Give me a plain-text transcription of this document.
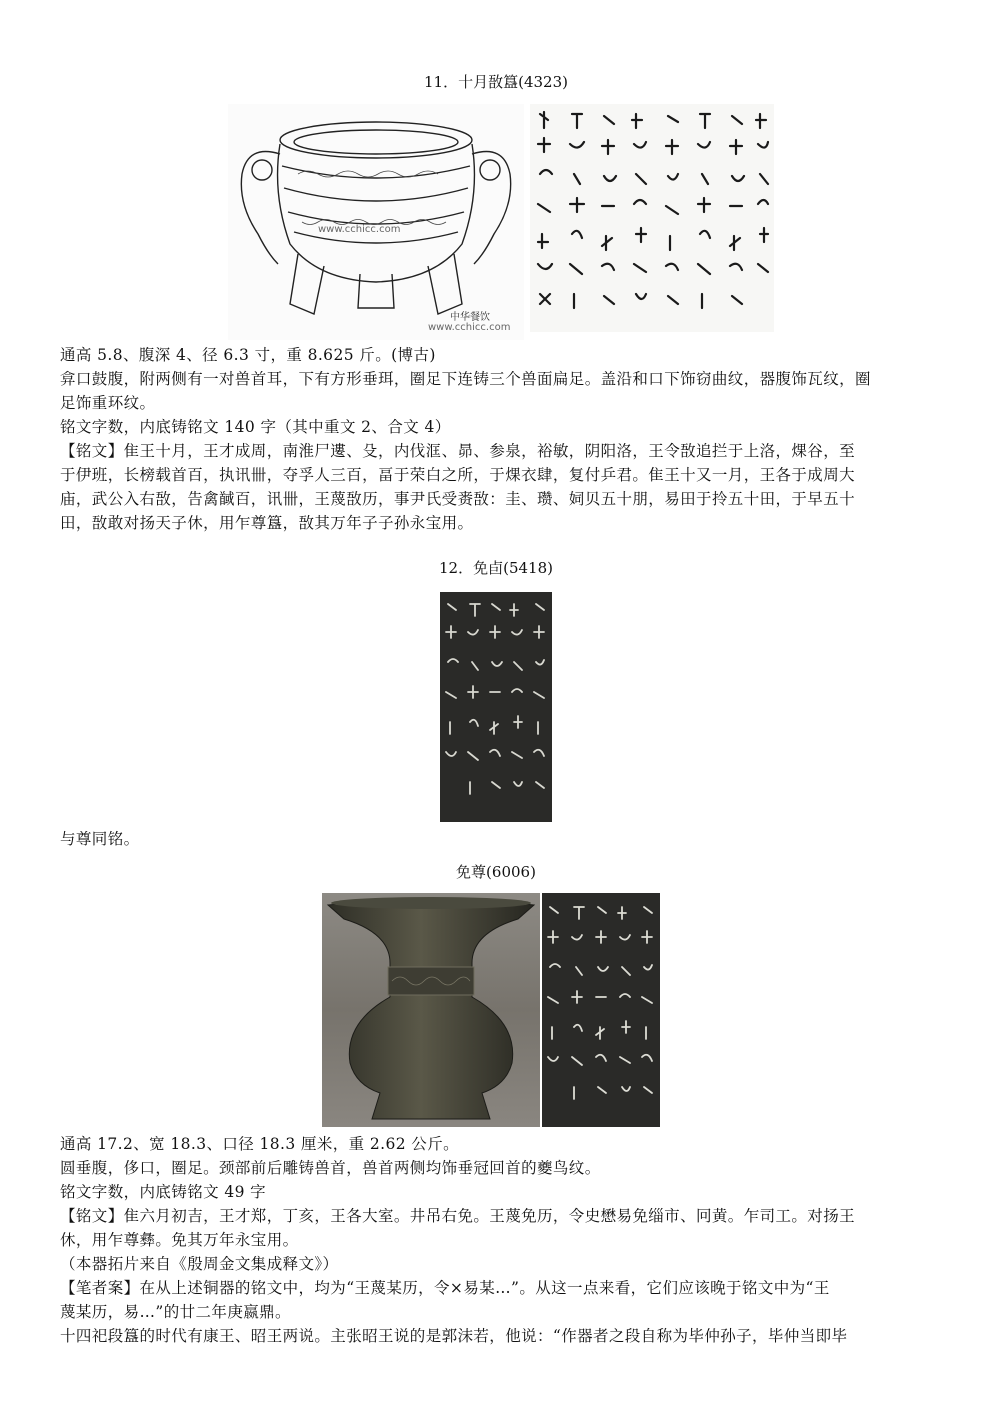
11．十月敔簋(4323)
www.cchicc.com
中华餐饮
www.cchicc.com
通高 5.8、腹深 4、径 6.3 寸，重 8.625 斤。(博古)
弇口鼓腹，附两侧有一对兽首耳，下有方形垂珥，圈足下连铸三个兽面扁足。盖沿和口下饰窃曲纹，器腹饰瓦纹，圈
足饰重环纹。
铭文字数，内底铸铭文 140 字（其中重文 2、合文 4）
【铭文】隹王十月，王才成周，南淮尸遱、殳，内伐洭、昴、参泉，裕敏，阴阳洛，王令敔追拦于上洛，㷄谷，至
于伊班，长榜载首百，执讯卌，夺孚人三百，畐于荣白之所，于㷄衣肆，复付乒君。隹王十又一月，王各于成周大
庙，武公入右敔，告禽馘百，讯卌，王蔑敔历，事尹氏受赉敔：圭、瓒、㚸贝五十朋，易田于拎五十田，于早五十
田，敔敢对扬天子休，用乍尊簋，敔其万年子子孙永宝用。
12．免卣(5418)
与尊同铭。
免尊(6006)
通高 17.2、宽 18.3、口径 18.3 厘米，重 2.62 公斤。
圆垂腹，侈口，圈足。颈部前后雕铸兽首，兽首两侧均饰垂冠回首的夔鸟纹。
铭文字数，内底铸铭文 49 字
【铭文】隹六月初吉，王才郑，丁亥，王各大室。井吊右免。王蔑免历，令史懋易免缁市、冋黄。乍司工。对扬王
休，用乍尊彝。免其万年永宝用。
（本器拓片来自《殷周金文集成释文》）
【笔者案】在从上述铜器的铭文中，均为“王蔑某历，令×易某…”。从这一点来看，它们应该晚于铭文中为“王
蔑某历，易…”的廿二年庚嬴鼎。
十四祀段簋的时代有康王、昭王两说。主张昭王说的是郭沫若，他说：“作器者之段自称为毕仲孙子，毕仲当即毕
